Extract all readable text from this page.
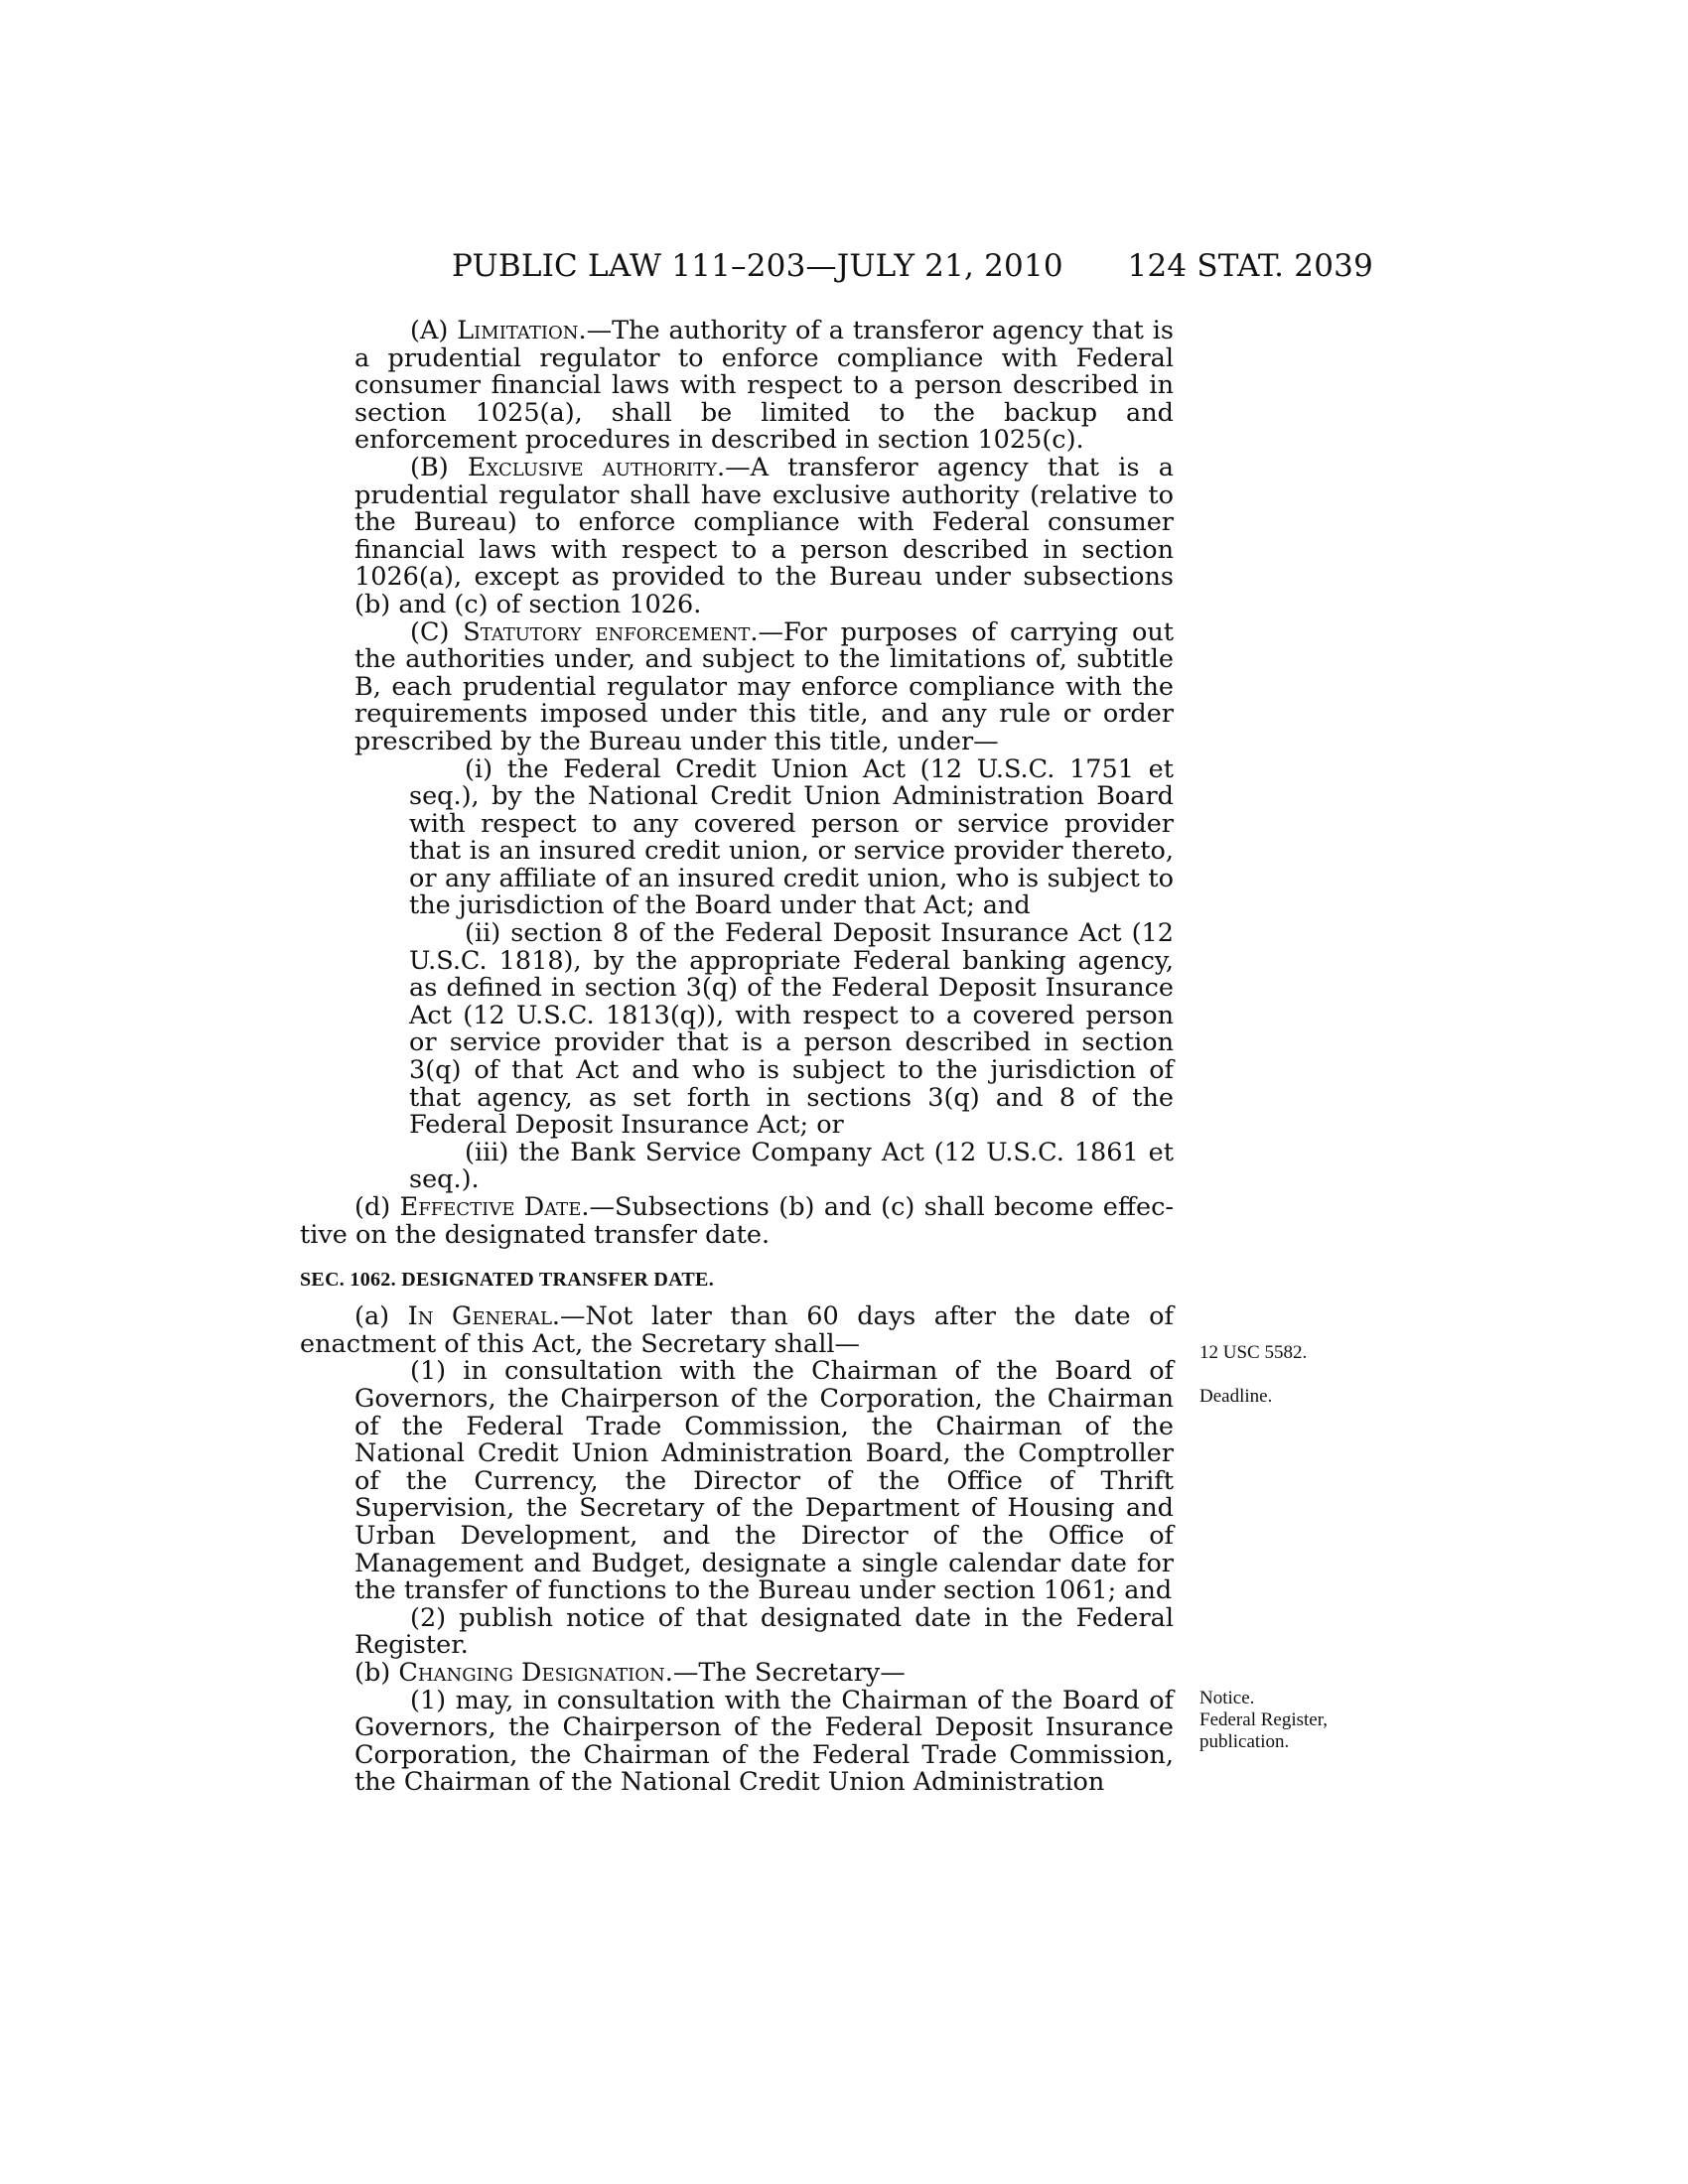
PUBLIC LAW 111–203—JULY 21, 2010 124 STAT. 2039

(A) Limitation.—The authority of a transferor agency that is a prudential regulator to enforce compliance with Federal consumer financial laws with respect to a person described in section 1025(a), shall be limited to the backup and enforcement procedures in described in section 1025(c).

(B) Exclusive authority.—A transferor agency that is a prudential regulator shall have exclusive authority (relative to the Bureau) to enforce compliance with Federal consumer financial laws with respect to a person described in section 1026(a), except as provided to the Bureau under subsections (b) and (c) of section 1026.

(C) Statutory enforcement.—For purposes of carrying out the authorities under, and subject to the limitations of, subtitle B, each prudential regulator may enforce compliance with the requirements imposed under this title, and any rule or order prescribed by the Bureau under this title, under—

(i) the Federal Credit Union Act (12 U.S.C. 1751 et seq.), by the National Credit Union Administration Board with respect to any covered person or service provider that is an insured credit union, or service provider thereto, or any affiliate of an insured credit union, who is subject to the jurisdiction of the Board under that Act; and

(ii) section 8 of the Federal Deposit Insurance Act (12 U.S.C. 1818), by the appropriate Federal banking agency, as defined in section 3(q) of the Federal Deposit Insurance Act (12 U.S.C. 1813(q)), with respect to a covered person or service provider that is a person described in section 3(q) of that Act and who is subject to the jurisdiction of that agency, as set forth in sections 3(q) and 8 of the Federal Deposit Insurance Act; or

(iii) the Bank Service Company Act (12 U.S.C. 1861 et seq.).

(d) Effective Date.—Subsections (b) and (c) shall become effective on the designated transfer date.

SEC. 1062. DESIGNATED TRANSFER DATE.

(a) In General.—Not later than 60 days after the date of enactment of this Act, the Secretary shall—

(1) in consultation with the Chairman of the Board of Governors, the Chairperson of the Corporation, the Chairman of the Federal Trade Commission, the Chairman of the National Credit Union Administration Board, the Comptroller of the Currency, the Director of the Office of Thrift Supervision, the Secretary of the Department of Housing and Urban Development, and the Director of the Office of Management and Budget, designate a single calendar date for the transfer of functions to the Bureau under section 1061; and

(2) publish notice of that designated date in the Federal Register.

(b) Changing Designation.—The Secretary—

(1) may, in consultation with the Chairman of the Board of Governors, the Chairperson of the Federal Deposit Insurance Corporation, the Chairman of the Federal Trade Commission, the Chairman of the National Credit Union Administration

12 USC 5582.
Deadline.
Notice.
Federal Register,
publication.
